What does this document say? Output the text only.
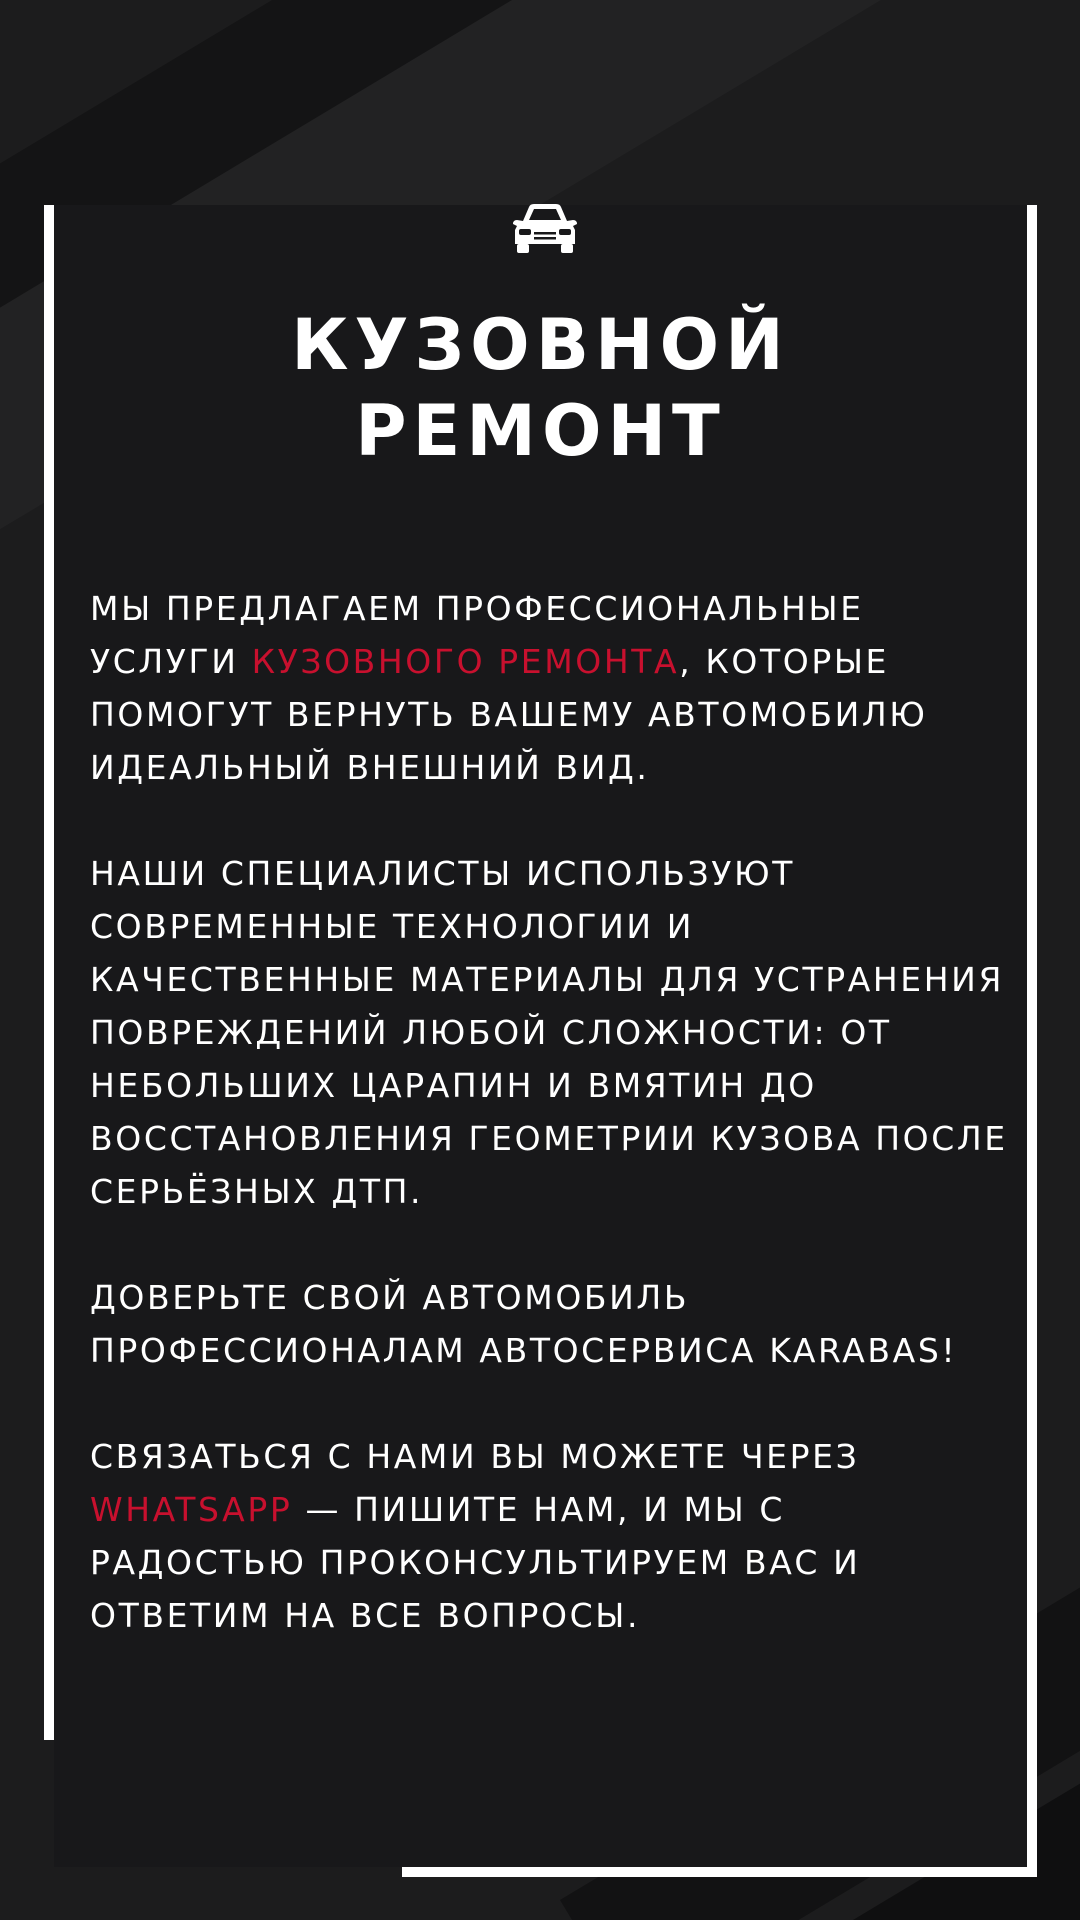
КУЗОВНОЙ
РЕМОНТ

МЫ ПРЕДЛАГАЕМ ПРОФЕССИОНАЛЬНЫЕ УСЛУГИ КУЗОВНОГО РЕМОНТА, КОТОРЫЕ ПОМОГУТ ВЕРНУТЬ ВАШЕМУ АВТОМОБИЛЮ ИДЕАЛЬНЫЙ ВНЕШНИЙ ВИД.

НАШИ СПЕЦИАЛИСТЫ ИСПОЛЬЗУЮТ СОВРЕМЕННЫЕ ТЕХНОЛОГИИ И КАЧЕСТВЕННЫЕ МАТЕРИАЛЫ ДЛЯ УСТРАНЕНИЯ ПОВРЕЖДЕНИЙ ЛЮБОЙ СЛОЖНОСТИ: ОТ НЕБОЛЬШИХ ЦАРАПИН И ВМЯТИН ДО ВОССТАНОВЛЕНИЯ ГЕОМЕТРИИ КУЗОВА ПОСЛЕ СЕРЬЁЗНЫХ ДТП.

ДОВЕРЬТЕ СВОЙ АВТОМОБИЛЬ ПРОФЕССИОНАЛАМ АВТОСЕРВИСА KARABAS!

СВЯЗАТЬСЯ С НАМИ ВЫ МОЖЕТЕ ЧЕРЕЗ WHATSAPP — ПИШИТЕ НАМ, И МЫ С РАДОСТЬЮ ПРОКОНСУЛЬТИРУЕМ ВАС И ОТВЕТИМ НА ВСЕ ВОПРОСЫ.
